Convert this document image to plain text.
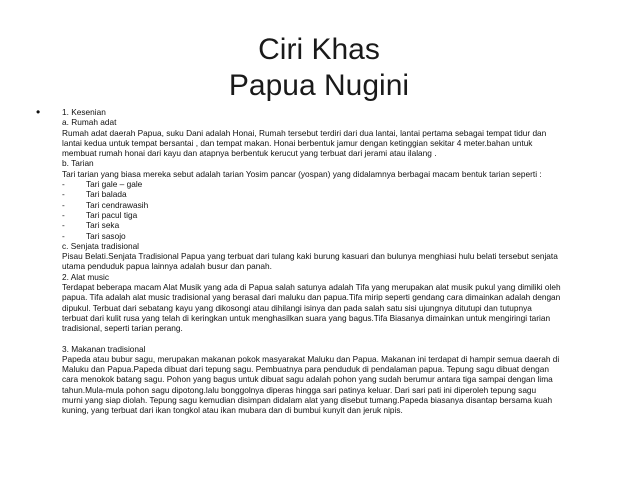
Ciri Khas
Papua Nugini
•	1. Kesenian

a. Rumah adat

Rumah adat daerah Papua, suku Dani adalah Honai, Rumah tersebut terdiri dari dua lantai, lantai pertama sebagai tempat tidur dan

lantai kedua untuk tempat bersantai , dan tempat makan. Honai berbentuk jamur dengan ketinggian sekitar 4 meter.bahan untuk

membuat rumah honai dari kayu dan atapnya berbentuk kerucut yang terbuat dari jerami atau ilalang .

b. Tarian

Tari tarian yang biasa mereka sebut adalah tarian Yosim pancar (yospan) yang didalamnya berbagai macam bentuk tarian seperti :

-	Tari gale – gale
-	Tari balada
-	Tari cendrawasih
-	Tari pacul tiga
-	Tari seka
-	Tari sasojo

c. Senjata tradisional

Pisau Belati.Senjata Tradisional Papua yang terbuat dari tulang kaki burung kasuari dan bulunya menghiasi hulu belati tersebut senjata

utama penduduk papua lainnya adalah busur dan panah.

2. Alat music

Terdapat beberapa macam Alat Musik yang ada di Papua salah satunya adalah Tifa yang merupakan alat musik pukul yang dimiliki oleh

papua. Tifa adalah alat music tradisional yang berasal dari maluku dan papua.Tifa mirip seperti gendang cara dimainkan adalah dengan

dipukul. Terbuat dari sebatang kayu yang dikosongi atau dihilangi isinya dan pada salah satu sisi ujungnya ditutupi dan tutupnya

terbuat dari kulit rusa yang telah di keringkan untuk menghasilkan suara yang bagus.Tifa Biasanya dimainkan untuk mengiringi tarian

tradisional, seperti tarian perang.

3. Makanan tradisional

Papeda atau bubur sagu, merupakan makanan pokok masyarakat Maluku dan Papua. Makanan ini terdapat di hampir semua daerah di

Maluku dan Papua.Papeda dibuat dari tepung sagu. Pembuatnya para penduduk di pendalaman papua. Tepung sagu dibuat dengan

cara menokok batang sagu. Pohon yang bagus untuk dibuat sagu adalah pohon yang sudah berumur antara tiga sampai dengan lima

tahun.Mula-mula pohon sagu dipotong.lalu bonggolnya diperas hingga sari patinya keluar. Dari sari pati ini diperoleh tepung sagu

murni yang siap diolah. Tepung sagu kemudian disimpan didalam alat yang disebut tumang.Papeda biasanya disantap bersama kuah

kuning, yang terbuat dari ikan tongkol atau ikan mubara dan di bumbui kunyit dan jeruk nipis.
